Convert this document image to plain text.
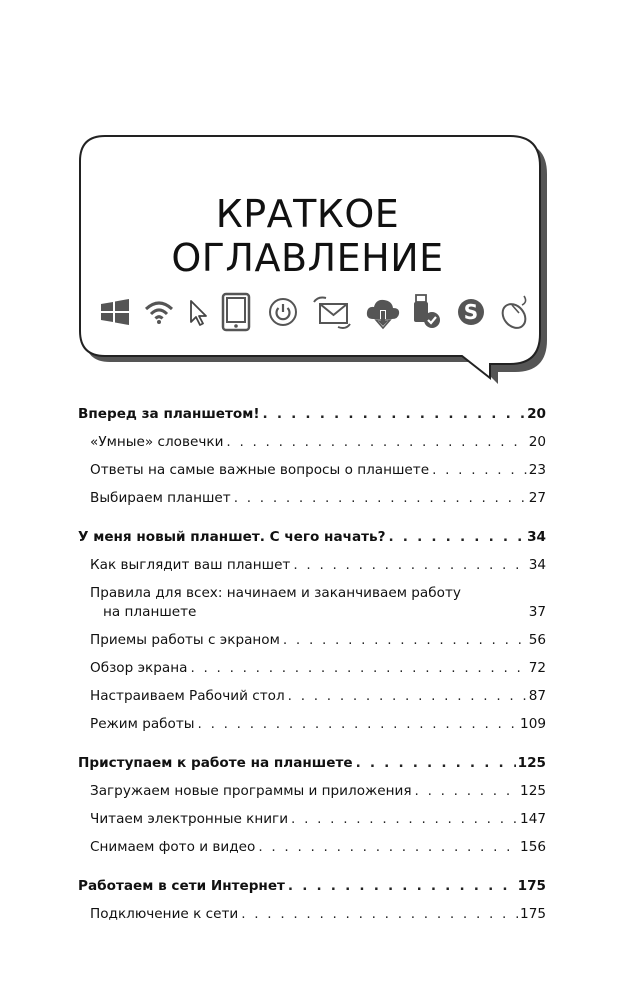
КРАТКОЕ ОГЛАВЛЕНИЕ
S
Вперед за планшетом! . . .	20
«Умные» словечки . . .	20
Ответы на самые важные вопросы о планшете . . .	23
Выбираем планшет . . .	27
У меня новый планшет. С чего начать? . . .	34
Как выглядит ваш планшет . . .	34
Правила для всех: начинаем и заканчиваем работу
на планшете	37
Приемы работы с экраном . . .	56
Обзор экрана . . .	72
Настраиваем Рабочий стол . . .	87
Режим работы . . .	109
Приступаем к работе на планшете . . .	125
Загружаем новые программы и приложения . . .	125
Читаем электронные книги . . .	147
Снимаем фото и видео . . .	156
Работаем в сети Интернет . . .	175
Подключение к сети . . .	175
